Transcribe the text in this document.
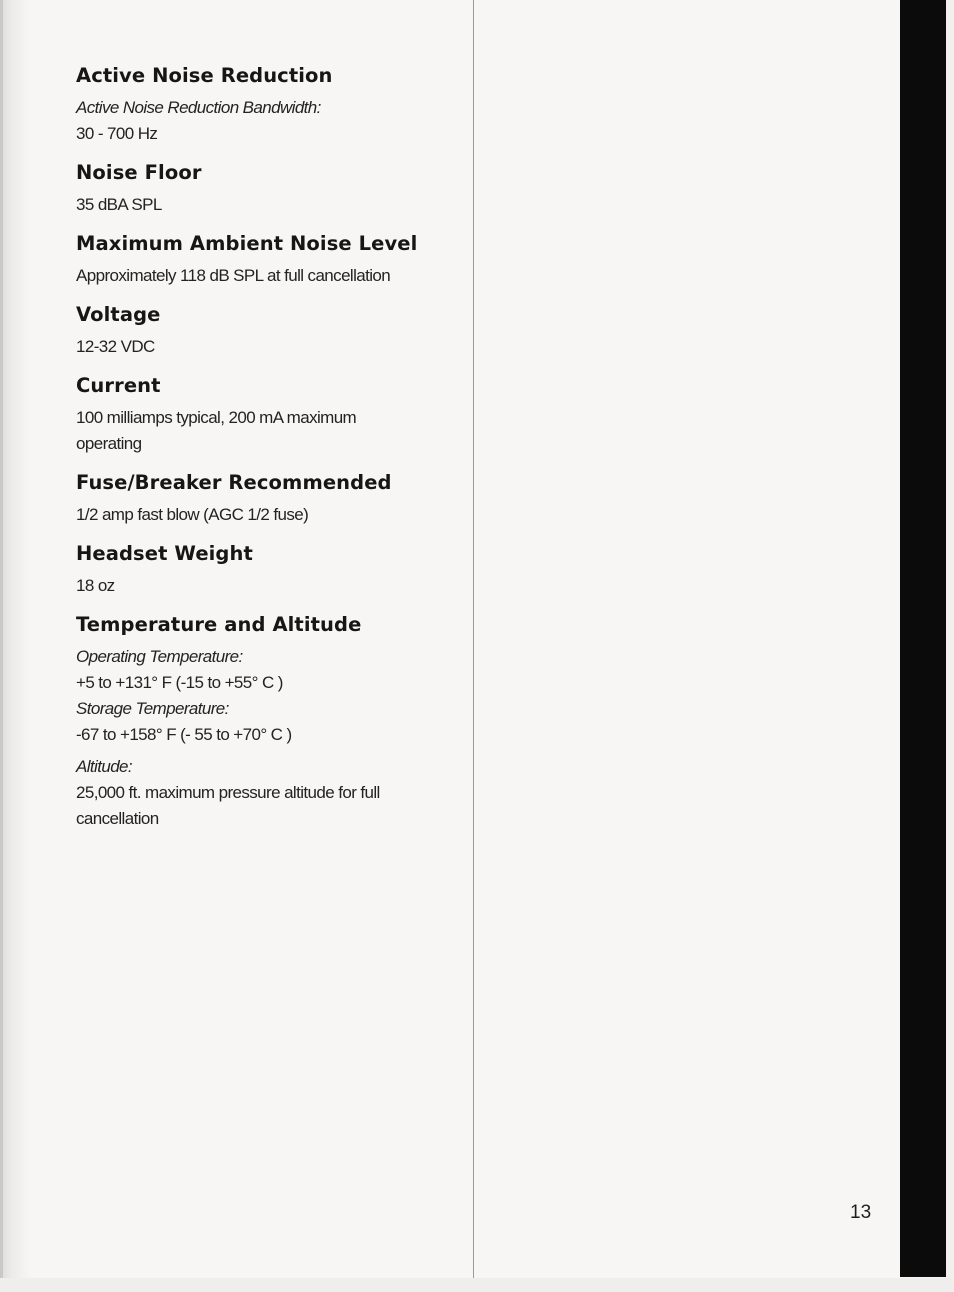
Active Noise Reduction
Active Noise Reduction Bandwidth:
30 - 700 Hz
Noise Floor
35 dBA SPL
Maximum Ambient Noise Level
Approximately 118 dB SPL at full cancellation
Voltage
12-32 VDC
Current
100 milliamps typical, 200 mA maximum
operating
Fuse/Breaker Recommended
1/2 amp fast blow (AGC 1/2 fuse)
Headset Weight
18 oz
Temperature and Altitude
Operating Temperature:
+5 to +131° F (-15 to +55° C )
Storage Temperature:
-67 to +158° F (- 55 to +70° C )
Altitude:
25,000 ft. maximum pressure altitude for full
cancellation
13
